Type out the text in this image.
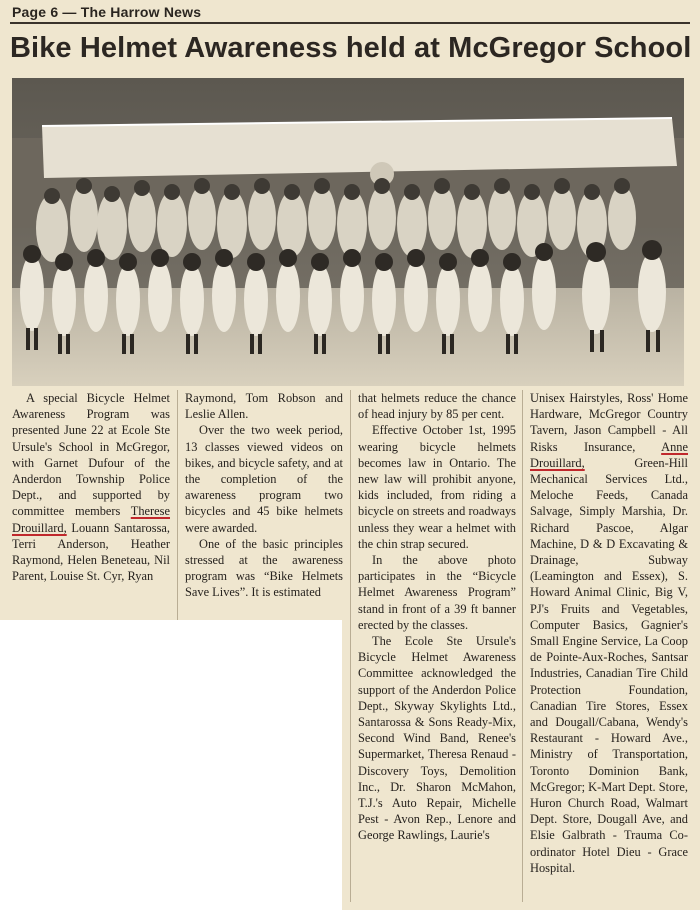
Page 6 — The Harrow News
Bike Helmet Awareness held at McGregor School

A special Bicycle Helmet Awareness Program was presented June 22 at Ecole Ste Ursule's School in McGregor, with Garnet Dufour of the Anderdon Township Police Dept., and supported by committee members Therese Drouillard, Louann Santarossa, Terri Anderson, Heather Raymond, Helen Beneteau, Nil Parent, Louise St. Cyr, Ryan

Raymond, Tom Robson and Leslie Allen.

Over the two week period, 13 classes viewed videos on bikes, and bicycle safety, and at the completion of the awareness program two bicycles and 45 bike helmets were awarded.

One of the basic principles stressed at the awareness program was “Bike Helmets Save Lives”. It is estimated

that helmets reduce the chance of head injury by 85 per cent.

Effective October 1st, 1995 wearing bicycle helmets becomes law in Ontario. The new law will prohibit anyone, kids included, from riding a bicycle on streets and roadways unless they wear a helmet with the chin strap secured.

In the above photo participates in the “Bicycle Helmet Awareness Program” stand in front of a 39 ft banner erected by the classes.

The Ecole Ste Ursule's Bicycle Helmet Awareness Committee acknowledged the support of the Anderdon Police Dept., Skyway Skylights Ltd., Santarossa & Sons Ready-Mix, Second Wind Band, Renee's Supermarket, Theresa Renaud - Discovery Toys, Demolition Inc., Dr. Sharon McMahon, T.J.'s Auto Repair, Michelle Pest - Avon Rep., Lenore and George Rawlings, Laurie's

Unisex Hairstyles, Ross' Home Hardware, McGregor Country Tavern, Jason Campbell - All Risks Insurance, Anne Drouillard, Green-Hill Mechanical Services Ltd., Meloche Feeds, Canada Salvage, Simply Marshia, Dr. Richard Pascoe, Algar Machine, D & D Excavating & Drainage, Subway (Leamington and Essex), S. Howard Animal Clinic, Big V, PJ's Fruits and Vegetables, Computer Basics, Gagnier's Small Engine Service, La Coop de Pointe-Aux-Roches, Santsar Industries, Canadian Tire Child Protection Foundation, Canadian Tire Stores, Essex and Dougall/Cabana, Wendy's Restaurant - Howard Ave., Ministry of Transportation, Toronto Dominion Bank, McGregor; K-Mart Dept. Store, Huron Church Road, Walmart Dept. Store, Dougall Ave, and Elsie Galbrath - Trauma Co-ordinator Hotel Dieu - Grace Hospital.
